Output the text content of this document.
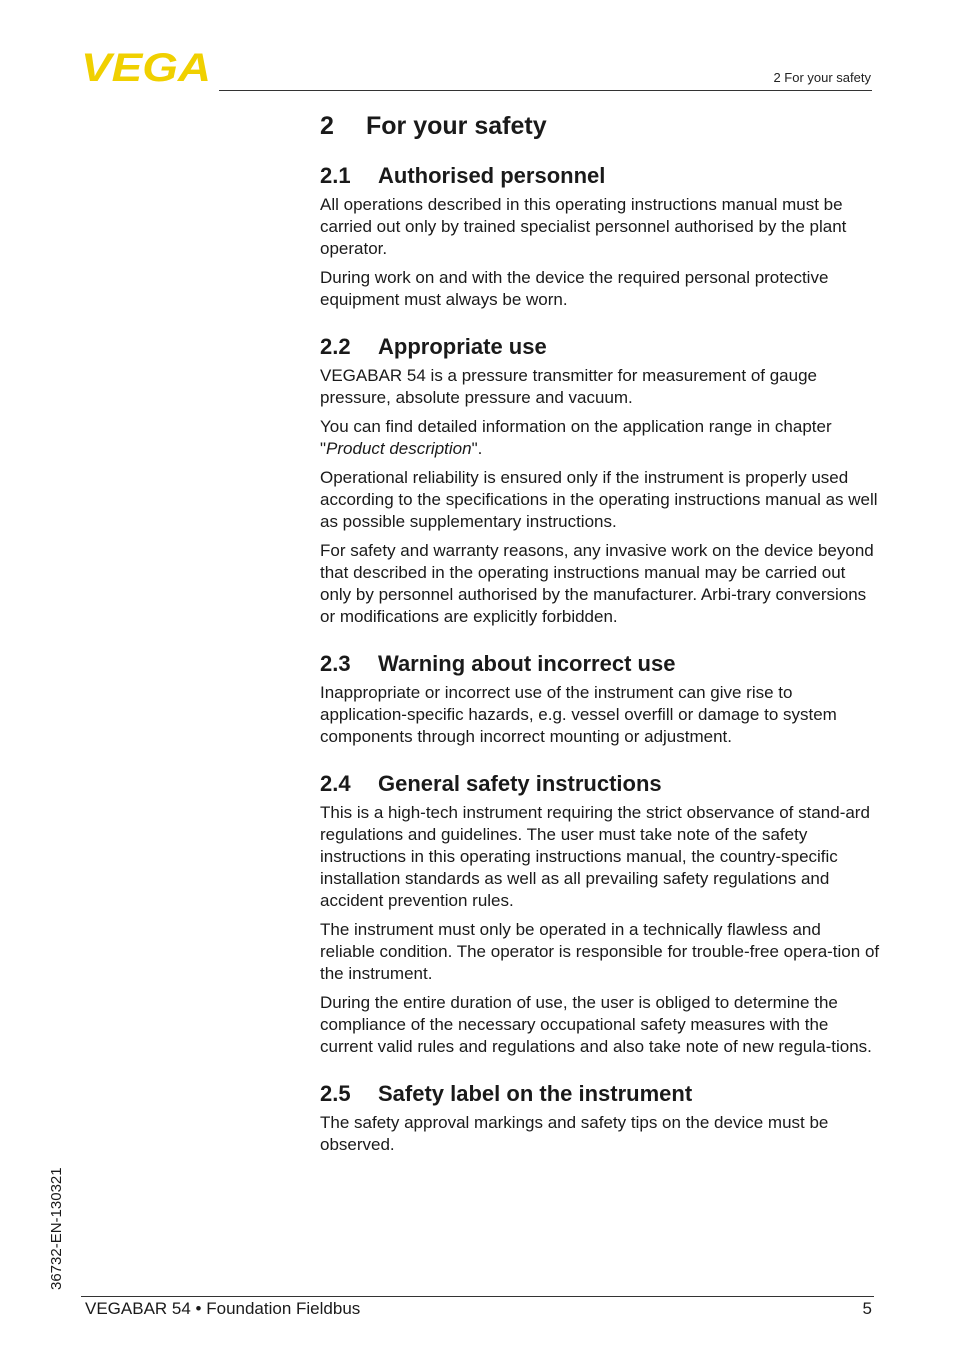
VEGA	2 For your safety
2	For your safety
2.1	Authorised personnel

All operations described in this operating instructions manual must be carried out only by trained specialist personnel authorised by the plant operator.

During work on and with the device the required personal protective equipment must always be worn.

2.2	Appropriate use

VEGABAR 54 is a pressure transmitter for measurement of gauge pressure, absolute pressure and vacuum.

You can find detailed information on the application range in chapter "Product description".

Operational reliability is ensured only if the instrument is properly used according to the specifications in the operating instructions manual as well as possible supplementary instructions.

For safety and warranty reasons, any invasive work on the device beyond that described in the operating instructions manual may be carried out only by personnel authorised by the manufacturer. Arbi-trary conversions or modifications are explicitly forbidden.

2.3	Warning about incorrect use

Inappropriate or incorrect use of the instrument can give rise to application-specific hazards, e.g. vessel overfill or damage to system components through incorrect mounting or adjustment.

2.4	General safety instructions

This is a high-tech instrument requiring the strict observance of stand-ard regulations and guidelines. The user must take note of the safety instructions in this operating instructions manual, the country-specific installation standards as well as all prevailing safety regulations and accident prevention rules.

The instrument must only be operated in a technically flawless and reliable condition. The operator is responsible for trouble-free opera-tion of the instrument.

During the entire duration of use, the user is obliged to determine the compliance of the necessary occupational safety measures with the current valid rules and regulations and also take note of new regula-tions.

2.5	Safety label on the instrument

The safety approval markings and safety tips on the device must be observed.

36732-EN-130321
VEGABAR 54 • Foundation Fieldbus	5
